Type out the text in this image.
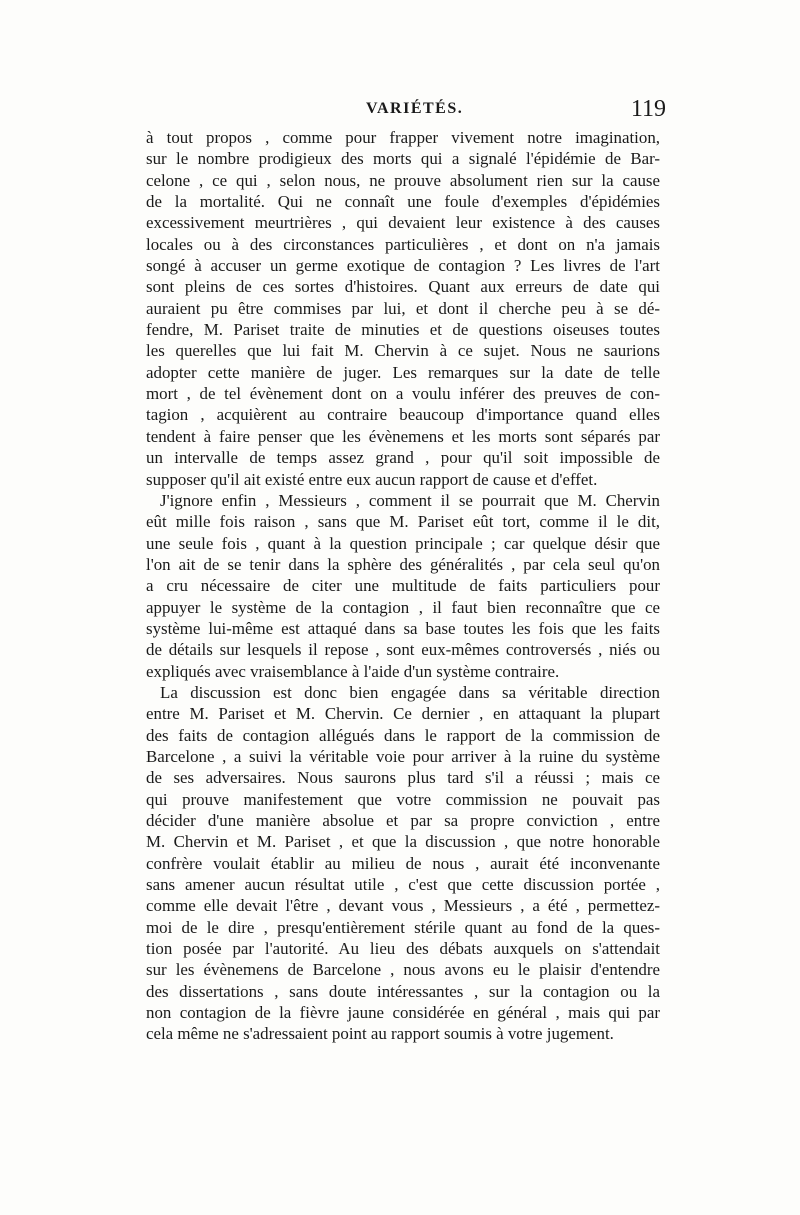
VARIÉTÉS.	119

à tout propos , comme pour frapper vivement notre imagination,
sur le nombre prodigieux des morts qui a signalé l'épidémie de Bar-
celone , ce qui , selon nous, ne prouve absolument rien sur la cause
de la mortalité. Qui ne connaît une foule d'exemples d'épidémies
excessivement meurtrières , qui devaient leur existence à des causes
locales ou à des circonstances particulières , et dont on n'a jamais
songé à accuser un germe exotique de contagion ? Les livres de l'art
sont pleins de ces sortes d'histoires. Quant aux erreurs de date qui
auraient pu être commises par lui, et dont il cherche peu à se dé-
fendre, M. Pariset traite de minuties et de questions oiseuses toutes
les querelles que lui fait M. Chervin à ce sujet. Nous ne saurions
adopter cette manière de juger. Les remarques sur la date de telle
mort , de tel évènement dont on a voulu inférer des preuves de con-
tagion , acquièrent au contraire beaucoup d'importance quand elles
tendent à faire penser que les évènemens et les morts sont séparés par
un intervalle de temps assez grand , pour qu'il soit impossible de
supposer qu'il ait existé entre eux aucun rapport de cause et d'effet.

J'ignore enfin , Messieurs , comment il se pourrait que M. Chervin
eût mille fois raison , sans que M. Pariset eût tort, comme il le dit,
une seule fois , quant à la question principale ; car quelque désir que
l'on ait de se tenir dans la sphère des généralités , par cela seul qu'on
a cru nécessaire de citer une multitude de faits particuliers pour
appuyer le système de la contagion , il faut bien reconnaître que ce
système lui-même est attaqué dans sa base toutes les fois que les faits
de détails sur lesquels il repose , sont eux-mêmes controversés , niés ou
expliqués avec vraisemblance à l'aide d'un système contraire.

La discussion est donc bien engagée dans sa véritable direction
entre M. Pariset et M. Chervin. Ce dernier , en attaquant la plupart
des faits de contagion allégués dans le rapport de la commission de
Barcelone , a suivi la véritable voie pour arriver à la ruine du système
de ses adversaires. Nous saurons plus tard s'il a réussi ; mais ce
qui prouve manifestement que votre commission ne pouvait pas
décider d'une manière absolue et par sa propre conviction , entre
M. Chervin et M. Pariset , et que la discussion , que notre honorable
confrère voulait établir au milieu de nous , aurait été inconvenante
sans amener aucun résultat utile , c'est que cette discussion portée ,
comme elle devait l'être , devant vous , Messieurs , a été , permettez-
moi de le dire , presqu'entièrement stérile quant au fond de la ques-
tion posée par l'autorité. Au lieu des débats auxquels on s'attendait
sur les évènemens de Barcelone , nous avons eu le plaisir d'entendre
des dissertations , sans doute intéressantes , sur la contagion ou la
non contagion de la fièvre jaune considérée en général , mais qui par
cela même ne s'adressaient point au rapport soumis à votre jugement.
